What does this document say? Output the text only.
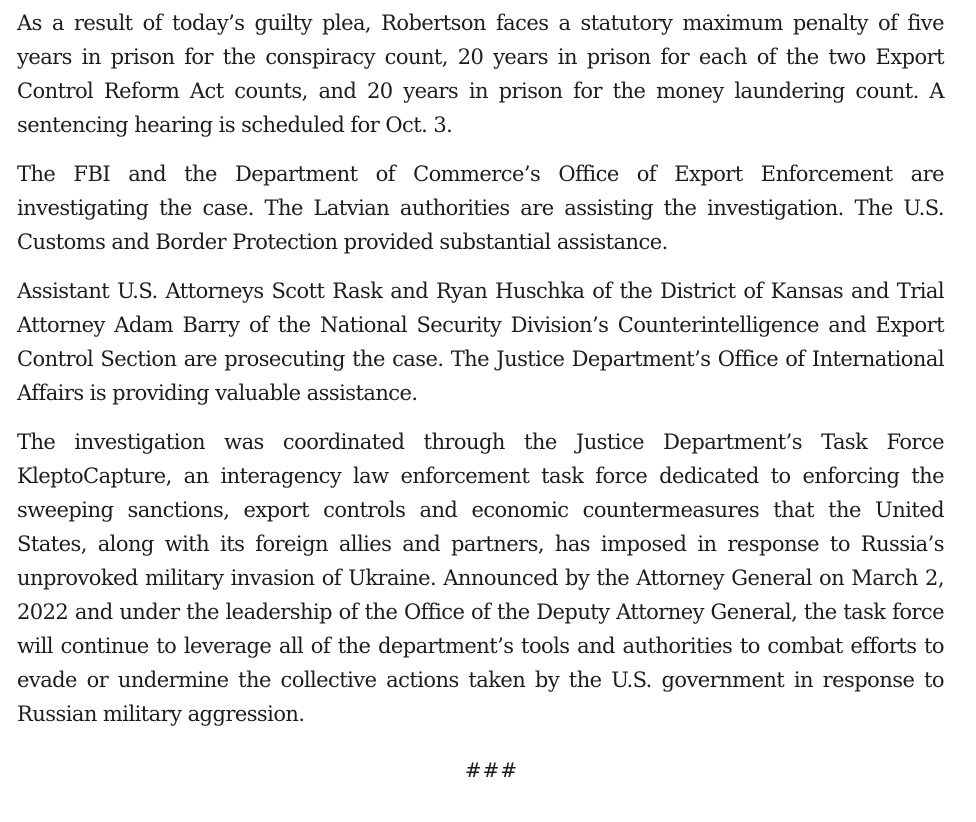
As a result of today’s guilty plea, Robertson faces a statutory maximum penalty of five years in prison for the conspiracy count, 20 years in prison for each of the two Export Control Reform Act counts, and 20 years in prison for the money laundering count. A sentencing hearing is scheduled for Oct. 3.

The FBI and the Department of Commerce’s Office of Export Enforcement are investigating the case. The Latvian authorities are assisting the investigation. The U.S. Customs and Border Protection provided substantial assistance.

Assistant U.S. Attorneys Scott Rask and Ryan Huschka of the District of Kansas and Trial Attorney Adam Barry of the National Security Division’s Counterintelligence and Export Control Section are prosecuting the case. The Justice Department’s Office of International Affairs is providing valuable assistance.

The investigation was coordinated through the Justice Department’s Task Force KleptoCapture, an interagency law enforcement task force dedicated to enforcing the sweeping sanctions, export controls and economic countermeasures that the United States, along with its foreign allies and partners, has imposed in response to Russia’s unprovoked military invasion of Ukraine. Announced by the Attorney General on March 2, 2022 and under the leadership of the Office of the Deputy Attorney General, the task force will continue to leverage all of the department’s tools and authorities to combat efforts to evade or undermine the collective actions taken by the U.S. government in response to Russian military aggression.

###
